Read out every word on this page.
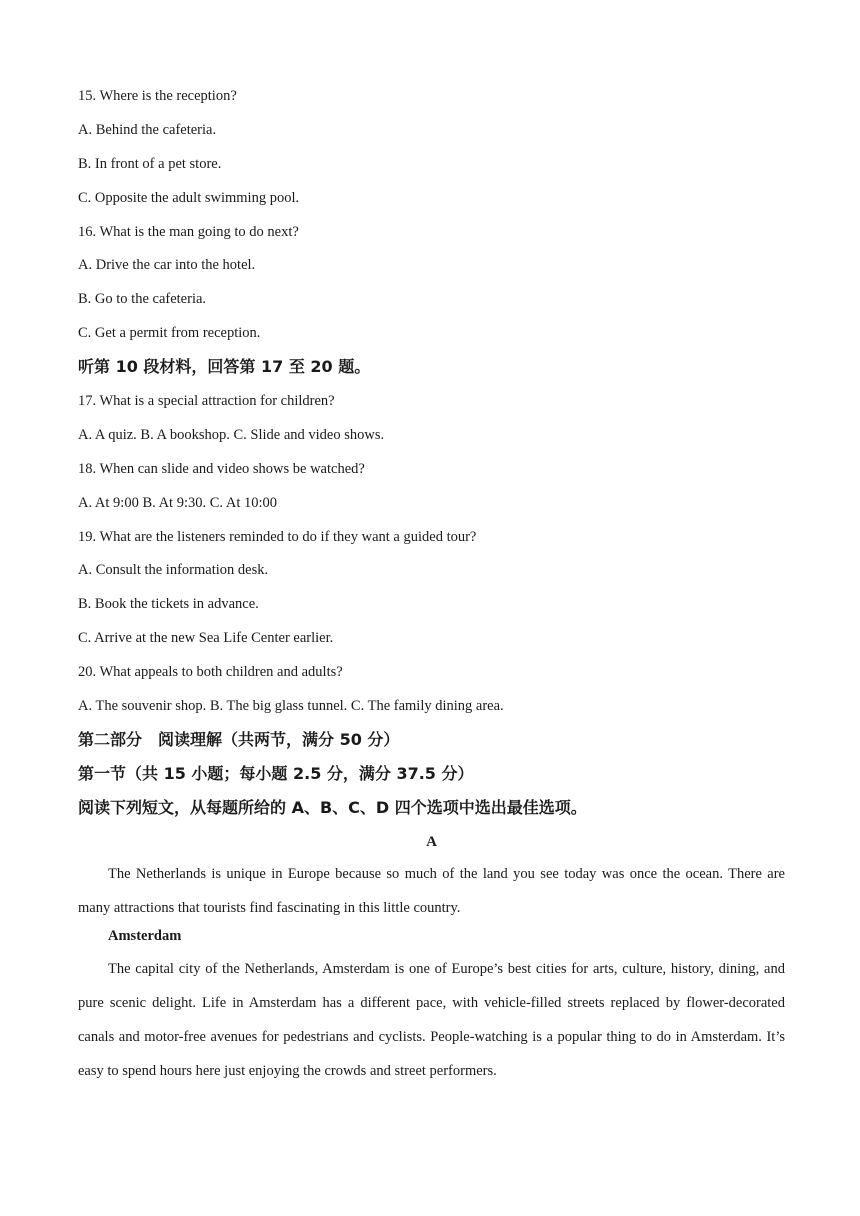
15. Where is the reception?
A. Behind the cafeteria.
B. In front of a pet store.
C. Opposite the adult swimming pool.
16. What is the man going to do next?
A. Drive the car into the hotel.
B. Go to the cafeteria.
C. Get a permit from reception.
听第 10 段材料，回答第 17 至 20 题。
17. What is a special attraction for children?
A. A quiz. B. A bookshop. C. Slide and video shows.
18. When can slide and video shows be watched?
A. At 9:00 B. At 9:30. C. At 10:00
19. What are the listeners reminded to do if they want a guided tour?
A. Consult the information desk.
B. Book the tickets in advance.
C. Arrive at the new Sea Life Center earlier.
20. What appeals to both children and adults?
A. The souvenir shop. B. The big glass tunnel. C. The family dining area.
第二部分　阅读理解（共两节，满分 50 分）
第一节（共 15 小题；每小题 2.5 分，满分 37.5 分）
阅读下列短文，从每题所给的 A、B、C、D 四个选项中选出最佳选项。
A

The Netherlands is unique in Europe because so much of the land you see today was once the ocean. There are many attractions that tourists find fascinating in this little country.

Amsterdam

The capital city of the Netherlands, Amsterdam is one of Europe’s best cities for arts, culture, history, dining, and pure scenic delight. Life in Amsterdam has a different pace, with vehicle-filled streets replaced by flower-decorated canals and motor-free avenues for pedestrians and cyclists. People-watching is a popular thing to do in Amsterdam. It’s easy to spend hours here just enjoying the crowds and street performers.
